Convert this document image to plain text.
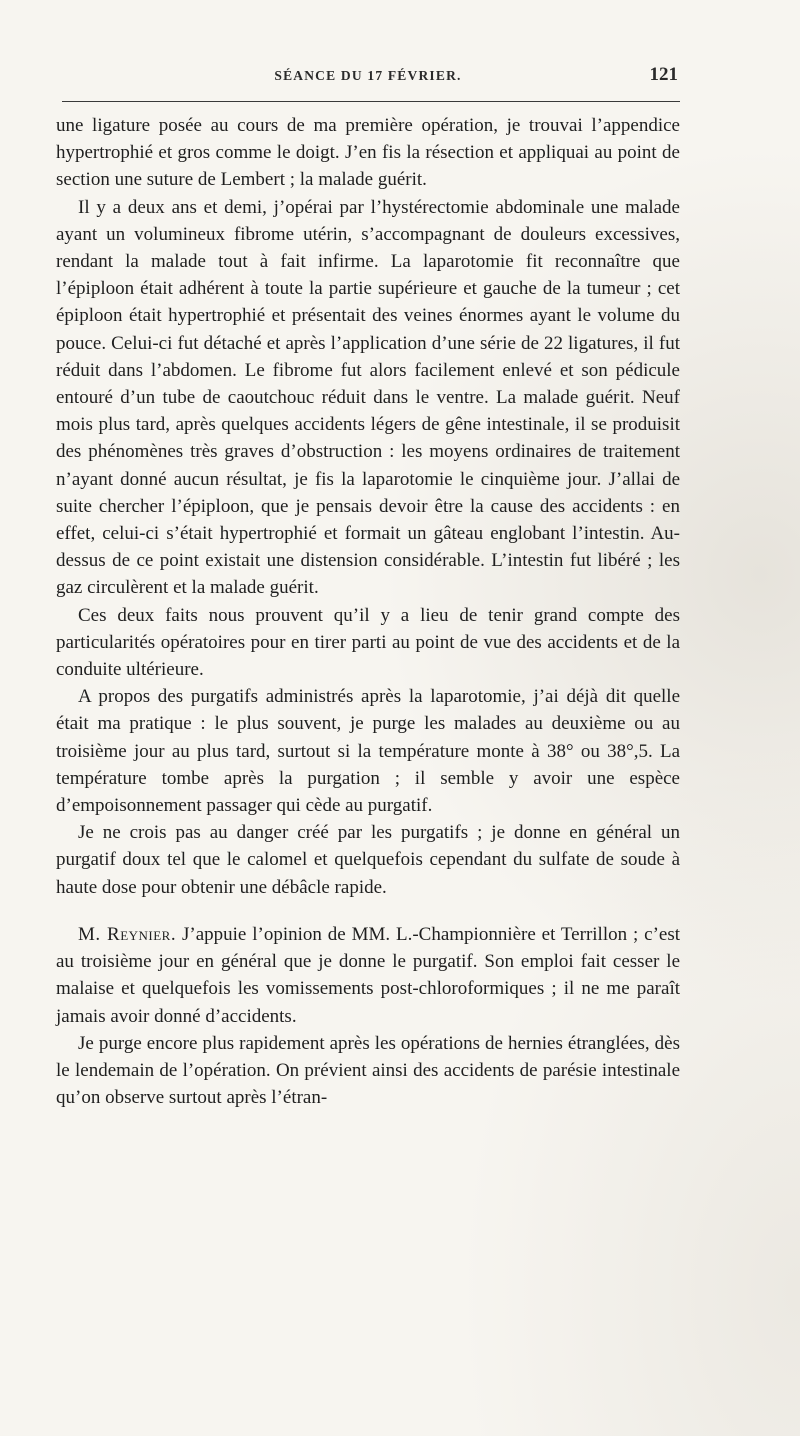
SÉANCE DU 17 FÉVRIER.	121

une ligature posée au cours de ma première opération, je trouvai l’appendice hypertrophié et gros comme le doigt. J’en fis la résection et appliquai au point de section une suture de Lembert ; la malade guérit.

Il y a deux ans et demi, j’opérai par l’hystérectomie abdominale une malade ayant un volumineux fibrome utérin, s’accompagnant de douleurs excessives, rendant la malade tout à fait infirme. La laparotomie fit reconnaître que l’épiploon était adhérent à toute la partie supérieure et gauche de la tumeur ; cet épiploon était hypertrophié et présentait des veines énormes ayant le volume du pouce. Celui-ci fut détaché et après l’application d’une série de 22 ligatures, il fut réduit dans l’abdomen. Le fibrome fut alors facilement enlevé et son pédicule entouré d’un tube de caoutchouc réduit dans le ventre. La malade guérit. Neuf mois plus tard, après quelques accidents légers de gêne intestinale, il se produisit des phénomènes très graves d’obstruction : les moyens ordinaires de traitement n’ayant donné aucun résultat, je fis la laparotomie le cinquième jour. J’allai de suite chercher l’épiploon, que je pensais devoir être la cause des accidents : en effet, celui-ci s’était hypertrophié et formait un gâteau englobant l’intestin. Au-dessus de ce point existait une distension considérable. L’intestin fut libéré ; les gaz circulèrent et la malade guérit.

Ces deux faits nous prouvent qu’il y a lieu de tenir grand compte des particularités opératoires pour en tirer parti au point de vue des accidents et de la conduite ultérieure.

A propos des purgatifs administrés après la laparotomie, j’ai déjà dit quelle était ma pratique : le plus souvent, je purge les malades au deuxième ou au troisième jour au plus tard, surtout si la température monte à 38° ou 38°,5. La température tombe après la purgation ; il semble y avoir une espèce d’empoisonnement passager qui cède au purgatif.

Je ne crois pas au danger créé par les purgatifs ; je donne en général un purgatif doux tel que le calomel et quelquefois cependant du sulfate de soude à haute dose pour obtenir une débâcle rapide.

M. Reynier. J’appuie l’opinion de MM. L.-Championnière et Terrillon ; c’est au troisième jour en général que je donne le purgatif. Son emploi fait cesser le malaise et quelquefois les vomissements post-chloroformiques ; il ne me paraît jamais avoir donné d’accidents.

Je purge encore plus rapidement après les opérations de hernies étranglées, dès le lendemain de l’opération. On prévient ainsi des accidents de parésie intestinale qu’on observe surtout après l’étran-
